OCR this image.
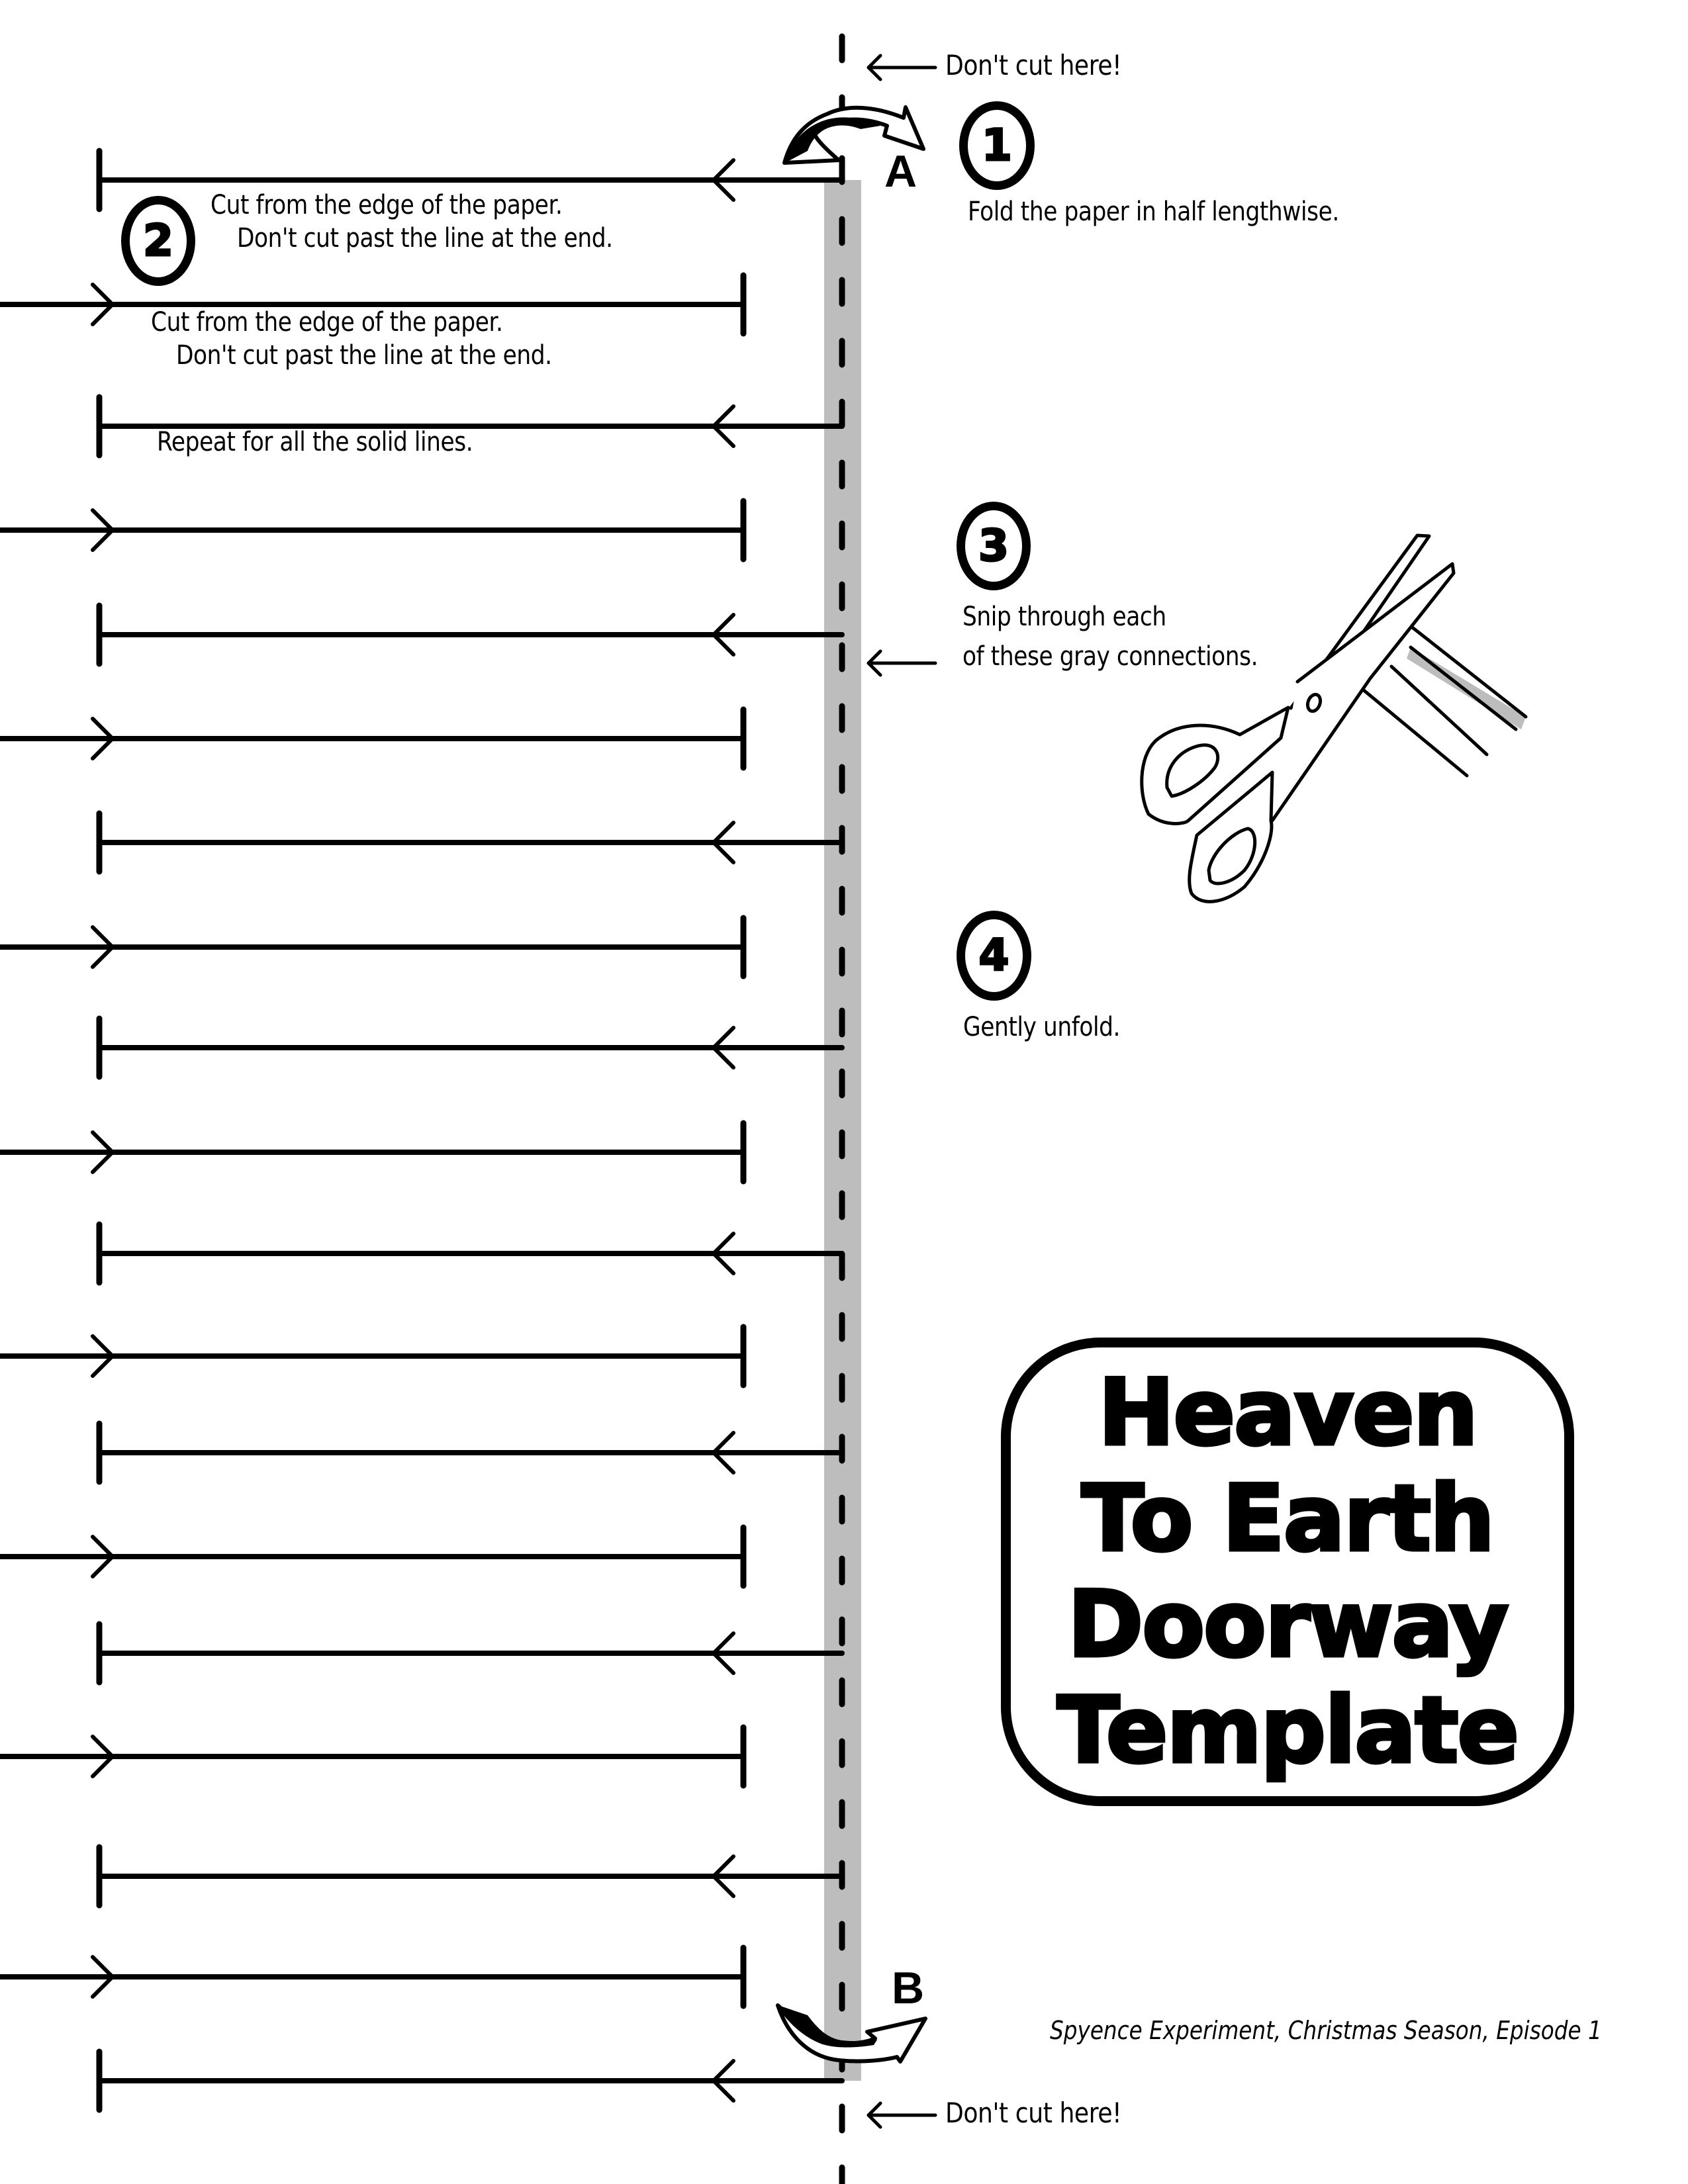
A
B
Don't cut here!
Don't cut here!
1
Fold the paper in half lengthwise.
2
Cut from the edge of the paper.
Don't cut past the line at the end.
Cut from the edge of the paper.
Don't cut past the line at the end.
Repeat for all the solid lines.
3
Snip through each
of these gray connections.
4
Gently unfold.
Heaven
To Earth
Doorway
Template
Spyence Experiment, Christmas Season, Episode 1
